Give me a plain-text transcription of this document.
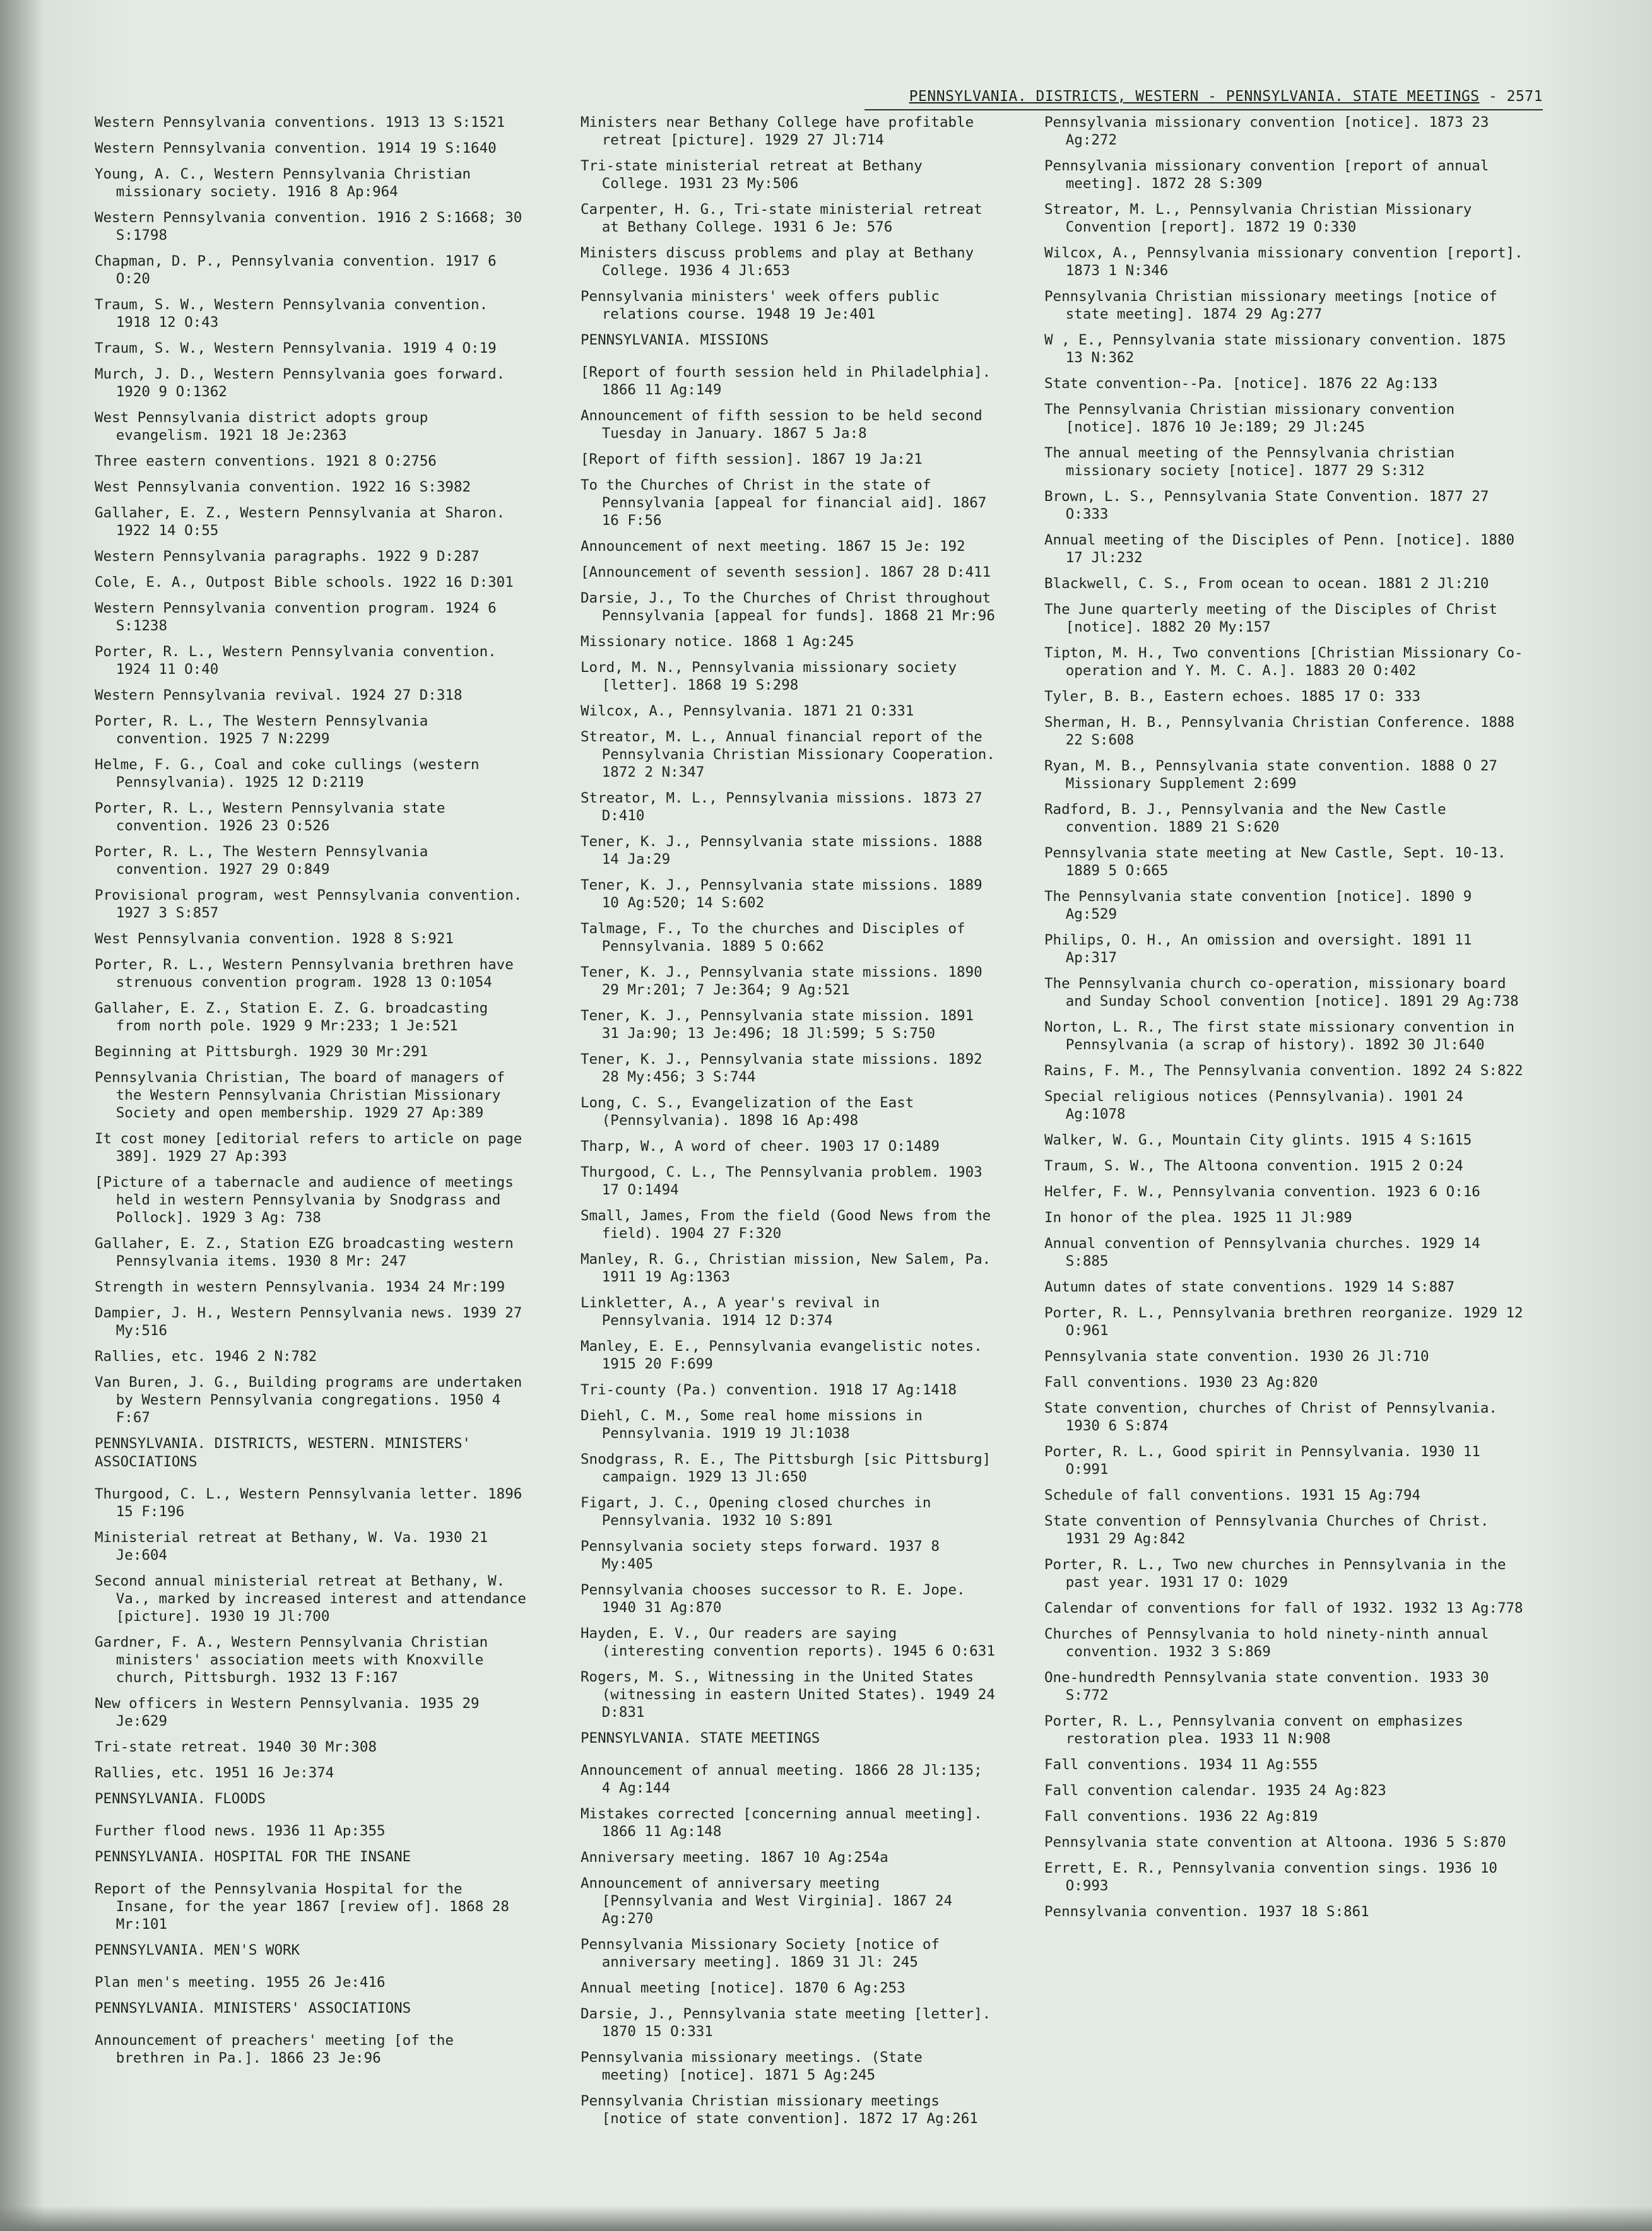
PENNSYLVANIA. DISTRICTS, WESTERN - PENNSYLVANIA. STATE MEETINGS - 2571
Western Pennsylvania conventions. 1913 13 S:1521
Western Pennsylvania convention. 1914 19 S:1640
Young, A. C., Western Pennsylvania Christian missionary society. 1916 8 Ap:964
Western Pennsylvania convention. 1916 2 S:1668; 30 S:1798
Chapman, D. P., Pennsylvania convention. 1917 6 O:20
Traum, S. W., Western Pennsylvania convention. 1918 12 O:43
Traum, S. W., Western Pennsylvania. 1919 4 O:19
Murch, J. D., Western Pennsylvania goes forward. 1920 9 O:1362
West Pennsylvania district adopts group evangelism. 1921 18 Je:2363
Three eastern conventions. 1921 8 O:2756
West Pennsylvania convention. 1922 16 S:3982
Gallaher, E. Z., Western Pennsylvania at Sharon. 1922 14 O:55
Western Pennsylvania paragraphs. 1922 9 D:287
Cole, E. A., Outpost Bible schools. 1922 16 D:301
Western Pennsylvania convention program. 1924 6 S:1238
Porter, R. L., Western Pennsylvania convention. 1924 11 O:40
Western Pennsylvania revival. 1924 27 D:318
Porter, R. L., The Western Pennsylvania convention. 1925 7 N:2299
Helme, F. G., Coal and coke cullings (western Pennsylvania). 1925 12 D:2119
Porter, R. L., Western Pennsylvania state convention. 1926 23 O:526
Porter, R. L., The Western Pennsylvania convention. 1927 29 O:849
Provisional program, west Pennsylvania convention. 1927 3 S:857
West Pennsylvania convention. 1928 8 S:921
Porter, R. L., Western Pennsylvania brethren have strenuous convention program. 1928 13 O:1054
Gallaher, E. Z., Station E. Z. G. broadcasting from north pole. 1929 9 Mr:233; 1 Je:521
Beginning at Pittsburgh. 1929 30 Mr:291
Pennsylvania Christian, The board of managers of the Western Pennsylvania Christian Missionary Society and open membership. 1929 27 Ap:389
It cost money [editorial refers to article on page 389]. 1929 27 Ap:393
[Picture of a tabernacle and audience of meetings held in western Pennsylvania by Snodgrass and Pollock]. 1929 3 Ag: 738
Gallaher, E. Z., Station EZG broadcasting western Pennsylvania items. 1930 8 Mr: 247
Strength in western Pennsylvania. 1934 24 Mr:199
Dampier, J. H., Western Pennsylvania news. 1939 27 My:516
Rallies, etc. 1946 2 N:782
Van Buren, J. G., Building programs are undertaken by Western Pennsylvania congregations. 1950 4 F:67
PENNSYLVANIA. DISTRICTS, WESTERN. MINISTERS' ASSOCIATIONS
Thurgood, C. L., Western Pennsylvania letter. 1896 15 F:196
Ministerial retreat at Bethany, W. Va. 1930 21 Je:604
Second annual ministerial retreat at Bethany, W. Va., marked by increased interest and attendance [picture]. 1930 19 Jl:700
Gardner, F. A., Western Pennsylvania Christian ministers' association meets with Knoxville church, Pittsburgh. 1932 13 F:167
New officers in Western Pennsylvania. 1935 29 Je:629
Tri-state retreat. 1940 30 Mr:308
Rallies, etc. 1951 16 Je:374
PENNSYLVANIA. FLOODS
Further flood news. 1936 11 Ap:355
PENNSYLVANIA. HOSPITAL FOR THE INSANE
Report of the Pennsylvania Hospital for the Insane, for the year 1867 [review of]. 1868 28 Mr:101
PENNSYLVANIA. MEN'S WORK
Plan men's meeting. 1955 26 Je:416
PENNSYLVANIA. MINISTERS' ASSOCIATIONS
Announcement of preachers' meeting [of the brethren in Pa.]. 1866 23 Je:96
Ministers near Bethany College have profitable retreat [picture]. 1929 27 Jl:714
Tri-state ministerial retreat at Bethany College. 1931 23 My:506
Carpenter, H. G., Tri-state ministerial retreat at Bethany College. 1931 6 Je: 576
Ministers discuss problems and play at Bethany College. 1936 4 Jl:653
Pennsylvania ministers' week offers public relations course. 1948 19 Je:401
PENNSYLVANIA. MISSIONS
[Report of fourth session held in Philadelphia]. 1866 11 Ag:149
Announcement of fifth session to be held second Tuesday in January. 1867 5 Ja:8
[Report of fifth session]. 1867 19 Ja:21
To the Churches of Christ in the state of Pennsylvania [appeal for financial aid]. 1867 16 F:56
Announcement of next meeting. 1867 15 Je: 192
[Announcement of seventh session]. 1867 28 D:411
Darsie, J., To the Churches of Christ throughout Pennsylvania [appeal for funds]. 1868 21 Mr:96
Missionary notice. 1868 1 Ag:245
Lord, M. N., Pennsylvania missionary society [letter]. 1868 19 S:298
Wilcox, A., Pennsylvania. 1871 21 O:331
Streator, M. L., Annual financial report of the Pennsylvania Christian Missionary Cooperation. 1872 2 N:347
Streator, M. L., Pennsylvania missions. 1873 27 D:410
Tener, K. J., Pennsylvania state missions. 1888 14 Ja:29
Tener, K. J., Pennsylvania state missions. 1889 10 Ag:520; 14 S:602
Talmage, F., To the churches and Disciples of Pennsylvania. 1889 5 O:662
Tener, K. J., Pennsylvania state missions. 1890 29 Mr:201; 7 Je:364; 9 Ag:521
Tener, K. J., Pennsylvania state mission. 1891 31 Ja:90; 13 Je:496; 18 Jl:599; 5 S:750
Tener, K. J., Pennsylvania state missions. 1892 28 My:456; 3 S:744
Long, C. S., Evangelization of the East (Pennsylvania). 1898 16 Ap:498
Tharp, W., A word of cheer. 1903 17 O:1489
Thurgood, C. L., The Pennsylvania problem. 1903 17 O:1494
Small, James, From the field (Good News from the field). 1904 27 F:320
Manley, R. G., Christian mission, New Salem, Pa. 1911 19 Ag:1363
Linkletter, A., A year's revival in Pennsylvania. 1914 12 D:374
Manley, E. E., Pennsylvania evangelistic notes. 1915 20 F:699
Tri-county (Pa.) convention. 1918 17 Ag:1418
Diehl, C. M., Some real home missions in Pennsylvania. 1919 19 Jl:1038
Snodgrass, R. E., The Pittsburgh [sic Pittsburg] campaign. 1929 13 Jl:650
Figart, J. C., Opening closed churches in Pennsylvania. 1932 10 S:891
Pennsylvania society steps forward. 1937 8 My:405
Pennsylvania chooses successor to R. E. Jope. 1940 31 Ag:870
Hayden, E. V., Our readers are saying (interesting convention reports). 1945 6 O:631
Rogers, M. S., Witnessing in the United States (witnessing in eastern United States). 1949 24 D:831
PENNSYLVANIA. STATE MEETINGS
Announcement of annual meeting. 1866 28 Jl:135; 4 Ag:144
Mistakes corrected [concerning annual meeting]. 1866 11 Ag:148
Anniversary meeting. 1867 10 Ag:254a
Announcement of anniversary meeting [Pennsylvania and West Virginia]. 1867 24 Ag:270
Pennsylvania Missionary Society [notice of anniversary meeting]. 1869 31 Jl: 245
Annual meeting [notice]. 1870 6 Ag:253
Darsie, J., Pennsylvania state meeting [letter]. 1870 15 O:331
Pennsylvania missionary meetings. (State meeting) [notice]. 1871 5 Ag:245
Pennsylvania Christian missionary meetings [notice of state convention]. 1872 17 Ag:261
Pennsylvania missionary convention [notice]. 1873 23 Ag:272
Pennsylvania missionary convention [report of annual meeting]. 1872 28 S:309
Streator, M. L., Pennsylvania Christian Missionary Convention [report]. 1872 19 O:330
Wilcox, A., Pennsylvania missionary convention [report]. 1873 1 N:346
Pennsylvania Christian missionary meetings [notice of state meeting]. 1874 29 Ag:277
W , E., Pennsylvania state missionary convention. 1875 13 N:362
State convention--Pa. [notice]. 1876 22 Ag:133
The Pennsylvania Christian missionary convention [notice]. 1876 10 Je:189; 29 Jl:245
The annual meeting of the Pennsylvania christian missionary society [notice]. 1877 29 S:312
Brown, L. S., Pennsylvania State Convention. 1877 27 O:333
Annual meeting of the Disciples of Penn. [notice]. 1880 17 Jl:232
Blackwell, C. S., From ocean to ocean. 1881 2 Jl:210
The June quarterly meeting of the Disciples of Christ [notice]. 1882 20 My:157
Tipton, M. H., Two conventions [Christian Missionary Co-operation and Y. M. C. A.]. 1883 20 O:402
Tyler, B. B., Eastern echoes. 1885 17 O: 333
Sherman, H. B., Pennsylvania Christian Conference. 1888 22 S:608
Ryan, M. B., Pennsylvania state convention. 1888 O 27 Missionary Supplement 2:699
Radford, B. J., Pennsylvania and the New Castle convention. 1889 21 S:620
Pennsylvania state meeting at New Castle, Sept. 10-13. 1889 5 O:665
The Pennsylvania state convention [notice]. 1890 9 Ag:529
Philips, O. H., An omission and oversight. 1891 11 Ap:317
The Pennsylvania church co-operation, missionary board and Sunday School convention [notice]. 1891 29 Ag:738
Norton, L. R., The first state missionary convention in Pennsylvania (a scrap of history). 1892 30 Jl:640
Rains, F. M., The Pennsylvania convention. 1892 24 S:822
Special religious notices (Pennsylvania). 1901 24 Ag:1078
Walker, W. G., Mountain City glints. 1915 4 S:1615
Traum, S. W., The Altoona convention. 1915 2 O:24
Helfer, F. W., Pennsylvania convention. 1923 6 O:16
In honor of the plea. 1925 11 Jl:989
Annual convention of Pennsylvania churches. 1929 14 S:885
Autumn dates of state conventions. 1929 14 S:887
Porter, R. L., Pennsylvania brethren reorganize. 1929 12 O:961
Pennsylvania state convention. 1930 26 Jl:710
Fall conventions. 1930 23 Ag:820
State convention, churches of Christ of Pennsylvania. 1930 6 S:874
Porter, R. L., Good spirit in Pennsylvania. 1930 11 O:991
Schedule of fall conventions. 1931 15 Ag:794
State convention of Pennsylvania Churches of Christ. 1931 29 Ag:842
Porter, R. L., Two new churches in Pennsylvania in the past year. 1931 17 O: 1029
Calendar of conventions for fall of 1932. 1932 13 Ag:778
Churches of Pennsylvania to hold ninety-ninth annual convention. 1932 3 S:869
One-hundredth Pennsylvania state convention. 1933 30 S:772
Porter, R. L., Pennsylvania convent on emphasizes restoration plea. 1933 11 N:908
Fall conventions. 1934 11 Ag:555
Fall convention calendar. 1935 24 Ag:823
Fall conventions. 1936 22 Ag:819
Pennsylvania state convention at Altoona. 1936 5 S:870
Errett, E. R., Pennsylvania convention sings. 1936 10 O:993
Pennsylvania convention. 1937 18 S:861
